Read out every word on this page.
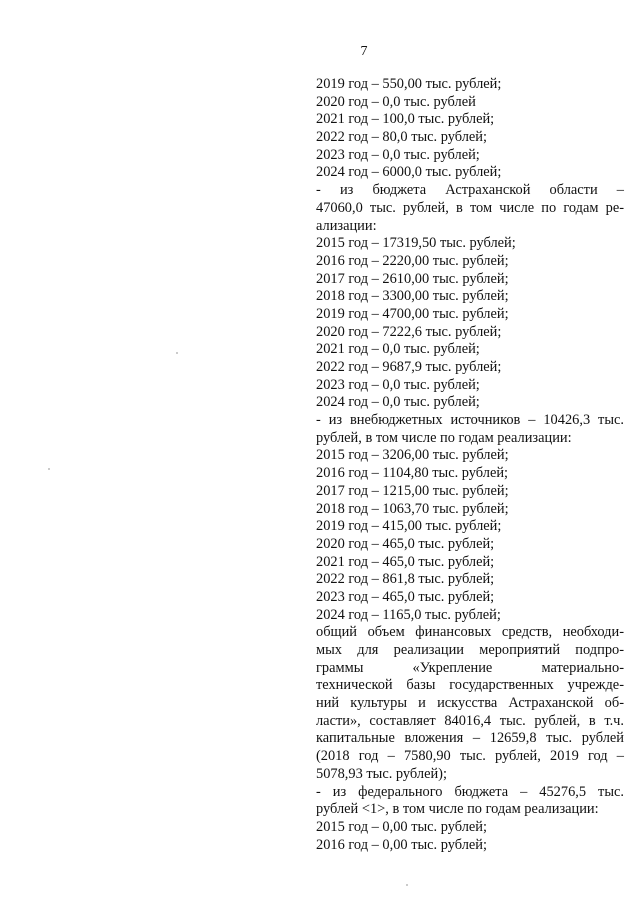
7
2019 год – 550,00 тыс. рублей;
2020 год – 0,0 тыс. рублей
2021 год – 100,0 тыс. рублей;
2022 год – 80,0 тыс. рублей;
2023 год – 0,0 тыс. рублей;
2024 год – 6000,0 тыс. рублей;
- из бюджета Астраханской области –
47060,0 тыс. рублей, в том числе по годам ре-
ализации:
2015 год – 17319,50 тыс. рублей;
2016 год – 2220,00 тыс. рублей;
2017 год – 2610,00 тыс. рублей;
2018 год – 3300,00 тыс. рублей;
2019 год – 4700,00 тыс. рублей;
2020 год – 7222,6 тыс. рублей;
2021 год – 0,0 тыс. рублей;
2022 год – 9687,9 тыс. рублей;
2023 год – 0,0 тыс. рублей;
2024 год – 0,0 тыс. рублей;
- из внебюджетных источников – 10426,3 тыс.
рублей, в том числе по годам реализации:
2015 год – 3206,00 тыс. рублей;
2016 год – 1104,80 тыс. рублей;
2017 год – 1215,00 тыс. рублей;
2018 год – 1063,70 тыс. рублей;
2019 год – 415,00 тыс. рублей;
2020 год – 465,0 тыс. рублей;
2021 год – 465,0 тыс. рублей;
2022 год – 861,8 тыс. рублей;
2023 год – 465,0 тыс. рублей;
2024 год – 1165,0 тыс. рублей;
общий объем финансовых средств, необходи-
мых для реализации мероприятий подпро-
граммы «Укрепление материально-
технической базы государственных учрежде-
ний культуры и искусства Астраханской об-
ласти», составляет 84016,4 тыс. рублей, в т.ч.
капитальные вложения – 12659,8 тыс. рублей
(2018 год – 7580,90 тыс. рублей, 2019 год –
5078,93 тыс. рублей);
- из федерального бюджета – 45276,5 тыс.
рублей <1>, в том числе по годам реализации:
2015 год – 0,00 тыс. рублей;
2016 год – 0,00 тыс. рублей;
